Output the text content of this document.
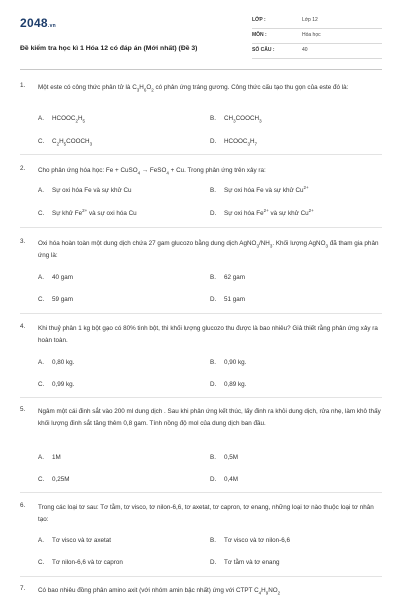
2048.vn
Đề kiểm tra học kì 1 Hóa 12 có đáp án (Mới nhất) (Đề 3)
LỚP :	Lớp 12
MÔN :	Hóa học
SỐ CÂU :	40
1. Một este có công thức phân tử là $C_3H_6O_2$ có phản ứng tráng gương. Công thức cấu tạo thu gọn của este đó là:
A. $HCOOC_2H_5$	B. $CH_3COOCH_3$
C. $C_2H_5COOCH_3$	D. $HCOOC_3H_7$
2. Cho phản ứng hóa học: Fe + CuSO$_4$ → FeSO$_4$ + Cu. Trong phản ứng trên xảy ra:
A. Sự oxi hóa Fe và sự khử Cu	B. Sự oxi hóa Fe và sự khử $Cu^{2+}$
C. Sự khử $Fe^{2+}$ và sự oxi hóa Cu	D. Sự oxi hóa $Fe^{2+}$ và sự khử $Cu^{2+}$
3. Oxi hóa hoàn toàn một dung dịch chứa 27 gam glucozo bằng dung dịch $AgNO_3/NH_3$. Khối lượng AgNO$_3$ đã tham gia phản ứng là:
A. 40 gam	B. 62 gam
C. 59 gam	D. 51 gam
4. Khi thuỷ phân 1 kg bột gạo có 80% tinh bột, thì khối lượng glucozo thu được là bao nhiêu? Giả thiết rằng phản ứng xảy ra hoàn toàn.
A. 0,80 kg.	B. 0,90 kg.
C. 0,99 kg.	D. 0,89 kg.
5. Ngâm một cái đinh sắt vào 200 ml dung dịch . Sau khi phản ứng kết thúc, lấy đinh ra khỏi dung dịch, rửa nhẹ, làm khô thấy khối lượng đinh sắt tăng thêm 0,8 gam. Tính nồng độ mol của dung dịch ban đầu.
A. 1M	B. 0,5M
C. 0,25M	D. 0,4M
6. Trong các loại tơ sau: Tơ tằm, tơ visco, tơ nilon-6,6, tơ axetat, tơ capron, tơ enang, những loại tơ nào thuộc loại tơ nhân tạo:
A. Tơ visco và tơ axetat	B. Tơ visco và tơ nilon-6,6
C. Tơ nilon-6,6 và tơ capron	D. Tơ tằm và tơ enang
7. Có bao nhiêu đồng phân amino axit (với nhóm amin bậc nhất) ứng với CTPT $C_4H_9NO_2$
